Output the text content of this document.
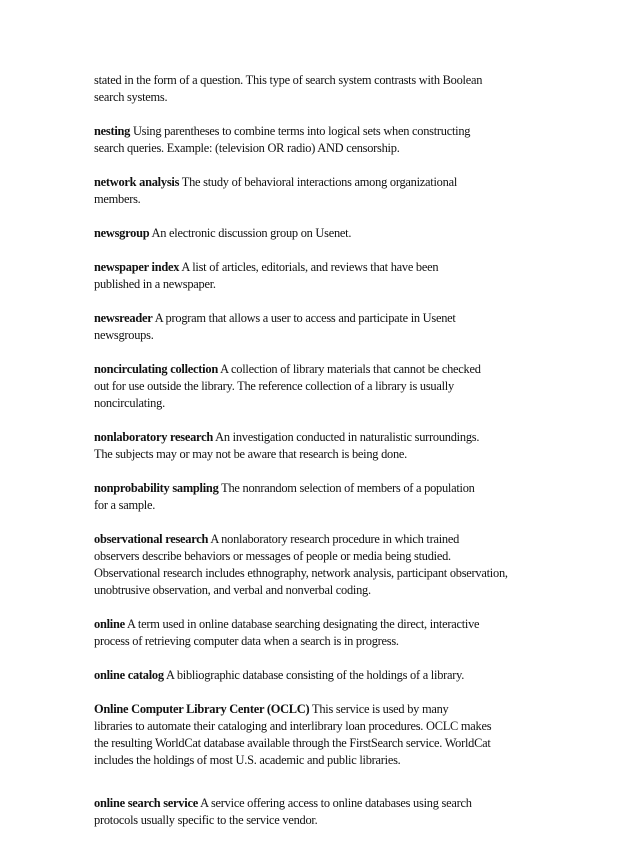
stated in the form of a question. This type of search system contrasts with Boolean
search systems.
nesting Using parentheses to combine terms into logical sets when constructing
search queries. Example: (television OR radio) AND censorship.
network analysis The study of behavioral interactions among organizational
members.
newsgroup An electronic discussion group on Usenet.
newspaper index A list of articles, editorials, and reviews that have been
published in a newspaper.
newsreader A program that allows a user to access and participate in Usenet
newsgroups.
noncirculating collection A collection of library materials that cannot be checked
out for use outside the library. The reference collection of a library is usually
noncirculating.
nonlaboratory research An investigation conducted in naturalistic surroundings.
The subjects may or may not be aware that research is being done.
nonprobability sampling The nonrandom selection of members of a population
for a sample.
observational research A nonlaboratory research procedure in which trained
observers describe behaviors or messages of people or media being studied.
Observational research includes ethnography, network analysis, participant observation,
unobtrusive observation, and verbal and nonverbal coding.
online A term used in online database searching designating the direct, interactive
process of retrieving computer data when a search is in progress.
online catalog A bibliographic database consisting of the holdings of a library.
Online Computer Library Center (OCLC) This service is used by many
libraries to automate their cataloging and interlibrary loan procedures. OCLC makes
the resulting WorldCat database available through the FirstSearch service. WorldCat
includes the holdings of most U.S. academic and public libraries.
online search service A service offering access to online databases using search
protocols usually specific to the service vendor.
